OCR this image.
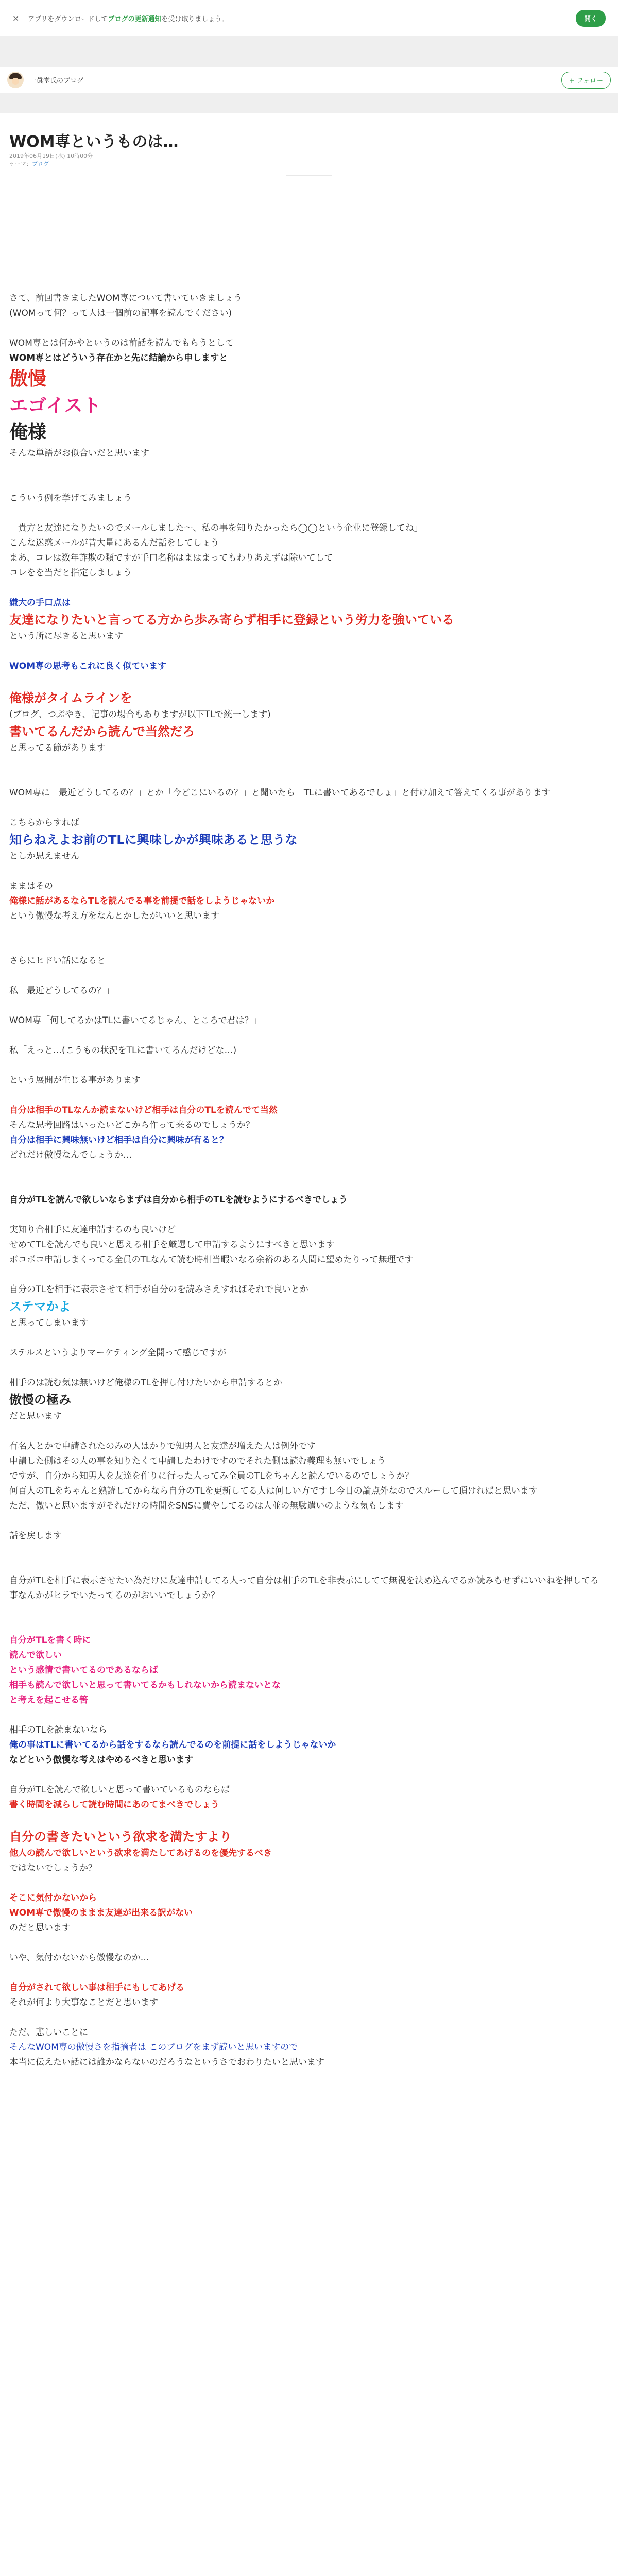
×	アプリをダウンロードしてブログの更新通知を受け取りましょう。	開く
一眞堂氏のブログ	+ フォロー
WOM専というものは…
2019年06月19日(水) 10時00分
テーマ：ブログ

さて、前回書きましたWOM専について書いていきましょう

(WOMって何？って人は一個前の記事を読んでください)

WOM専とは何かやというのは前話を読んでもらうとして

WOM専とはどういう存在かと先に結論から申しますと

傲慢

エゴイスト

俺様

そんな単語がお似合いだと思います

こういう例を挙げてみましょう

「貴方と友達になりたいのでメールしました〜、私の事を知りたかったら◯◯という企业に登録してね」

こんな迷惑メールが昔大量にあるんだ話をしてしょう

まあ、コレは数年詐欺の類ですが手口名称はまはまってもわりあえずは除いてして

コレをを当だと指定しましょう

嫌大の手口点は

友達になりたいと言ってる方から歩み寄らず相手に登録という労力を強いている

という所に尽きると思います

WOM専の思考もこれに良く似ています

俺様がタイムラインを

(ブログ、つぶやき、記事の場合もありますが以下TLで統一します)

書いてるんだから読んで当然だろ

と思ってる節があります

WOM専に「最近どうしてるの？」とか「今どこにいるの？」と聞いたら「TLに書いてあるでしょ」と付け加えて答えてくる事があります

こちらからすれば

知らねえよお前のTLに興味しかが興味あると思うな

としか思えません

ままはその

俺様に話があるならTLを読んでる事を前提で話をしようじゃないか

という傲慢な考え方をなんとかしたがいいと思います

さらにヒドい話になると

私「最近どうしてるの？」

WOM専「何してるかはTLに書いてるじゃん、ところで君は？」

私「えっと…(こうもの状況をTLに書いてるんだけどな…)」

という展開が生じる事があります

自分は相手のTLなんか読まないけど相手は自分のTLを読んでて当然

そんな思考回路はいったいどこから作って来るのでしょうか？

自分は相手に興味無いけど相手は自分に興味が有ると？

どれだけ傲慢なんでしょうか…

自分がTLを読んで欲しいならまずは自分から相手のTLを読むようにするべきでしょう

実知り合相手に友達申請するのも良いけど

せめてTLを読んでも良いと思える相手を厳選して申請するようにすべきと思います

ボコボコ申請しまくってる全員のTLなんて読む時相当暇いなる余裕のある人間に望めたりって無理です

自分のTLを相手に表示させて相手が自分のを読みさえすればそれで良いとか

ステマかよ

と思ってしまいます

ステルスというよりマーケティング全開って感じですが

相手のは読む気は無いけど俺様のTLを押し付けたいから申請するとか

傲慢の極み

だと思います

有名人とかで申請されたのみの人はかりで知男人と友達が増えた人は例外です

申請した側はその人の事を知りたくて申請したわけですのでそれた側は読む義理も無いでしょう

ですが、自分から知男人を友達を作りに行った人ってみ全員のTLをちゃんと読んでいるのでしょうか？

何百人のTLをちゃんと熟読してからなら自分のTLを更新してる人は何しい方ですし今日の論点外なのでスルーして頂ければと思います

ただ、傲いと思いますがそれだけの時間をSNSに費やしてるのは人並の無駄遣いのような気もします

話を戻します

自分がTLを相手に表示させたい為だけに友達申請してる人って自分は相手のTLを非表示にしてて無視を決め込んでるか読みもせずにいいねを押してる事なんかがヒラでいたってるのがおいいでしょうか？

自分がTLを書く時に

読んで欲しい

という感情で書いてるのであるならば

相手も読んで欲しいと思って書いてるかもしれないから読まないとな

と考えを起こせる筈

相手のTLを読まないなら

俺の事はTLに書いてるから話をするなら読んでるのを前提に話をしようじゃないか

などという傲慢な考えはやめるべきと思います

自分がTLを読んで欲しいと思って書いているものならば

書く時間を減らして読む時間にあのてまべきでしょう

自分の書きたいという欲求を満たすより

他人の読んで欲しいという欲求を満たしてあげるのを優先するべき

ではないでしょうか？

そこに気付かないから

WOM専で傲慢のままま友達が出来る訳がない

のだと思います

いや、気付かないから傲慢なのか…

自分がされて欲しい事は相手にもしてあげる

それが何より大事なことだと思います

ただ、悲しいことに

そんなWOM専の傲慢さを指摘者は このブログをまず読いと思いますので

本当に伝えたい話には誰かならないのだろうなというさでおわりたいと思います
